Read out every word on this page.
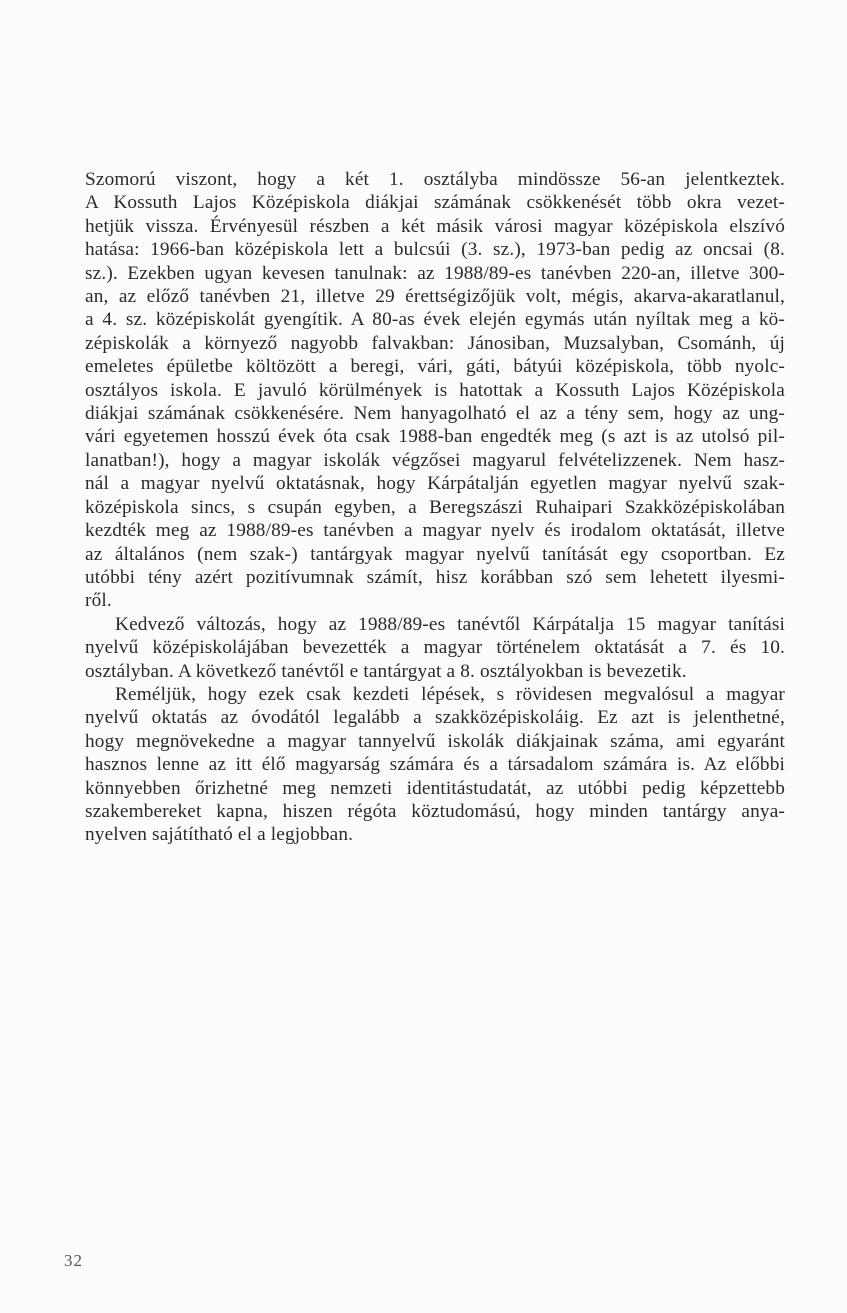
Szomorú viszont, hogy a két 1. osztályba mindössze 56-an jelentkeztek.
A Kossuth Lajos Középiskola diákjai számának csökkenését több okra vezet-
hetjük vissza. Érvényesül részben a két másik városi magyar középiskola elszívó
hatása: 1966-ban középiskola lett a bulcsúi (3. sz.), 1973-ban pedig az oncsai (8.
sz.). Ezekben ugyan kevesen tanulnak: az 1988/89-es tanévben 220-an, illetve 300-
an, az előző tanévben 21, illetve 29 érettségizőjük volt, mégis, akarva-akaratlanul,
a 4. sz. középiskolát gyengítik. A 80-as évek elején egymás után nyíltak meg a kö-
zépiskolák a környező nagyobb falvakban: Jánosiban, Muzsalyban, Csománh, új
emeletes épületbe költözött a beregi, vári, gáti, bátyúi középiskola, több nyolc-
osztályos iskola. E javuló körülmények is hatottak a Kossuth Lajos Középiskola
diákjai számának csökkenésére. Nem hanyagolható el az a tény sem, hogy az ung-
vári egyetemen hosszú évek óta csak 1988-ban engedték meg (s azt is az utolsó pil-
lanatban!), hogy a magyar iskolák végzősei magyarul felvételizzenek. Nem hasz-
nál a magyar nyelvű oktatásnak, hogy Kárpátalján egyetlen magyar nyelvű szak-
középiskola sincs, s csupán egyben, a Beregszászi Ruhaipari Szakközépiskolában
kezdték meg az 1988/89-es tanévben a magyar nyelv és irodalom oktatását, illetve
az általános (nem szak-) tantárgyak magyar nyelvű tanítását egy csoportban. Ez
utóbbi tény azért pozitívumnak számít, hisz korábban szó sem lehetett ilyesmi-
ről.
Kedvező változás, hogy az 1988/89-es tanévtől Kárpátalja 15 magyar tanítási
nyelvű középiskolájában bevezették a magyar történelem oktatását a 7. és 10.
osztályban. A következő tanévtől e tantárgyat a 8. osztályokban is bevezetik.
Reméljük, hogy ezek csak kezdeti lépések, s rövidesen megvalósul a magyar
nyelvű oktatás az óvodától legalább a szakközépiskoláig. Ez azt is jelenthetné,
hogy megnövekedne a magyar tannyelvű iskolák diákjainak száma, ami egyaránt
hasznos lenne az itt élő magyarság számára és a társadalom számára is. Az előbbi
könnyebben őrizhetné meg nemzeti identitástudatát, az utóbbi pedig képzettebb
szakembereket kapna, hiszen régóta köztudomású, hogy minden tantárgy anya-
nyelven sajátítható el a legjobban.
32
